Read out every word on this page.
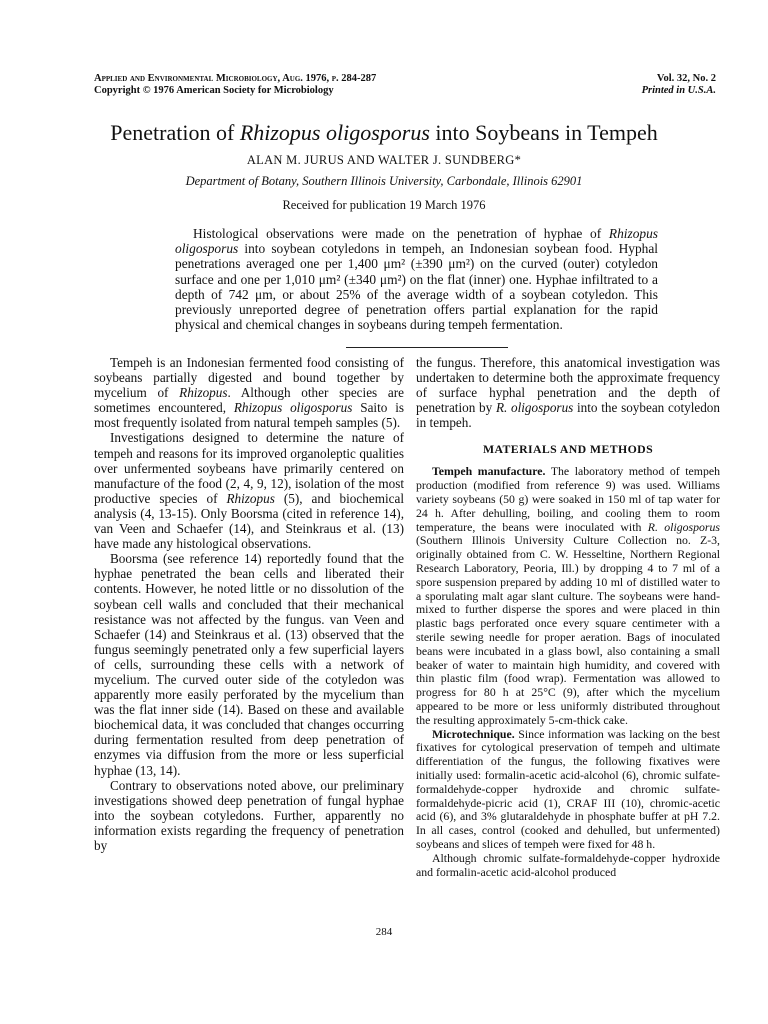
Applied and Environmental Microbiology, Aug. 1976, p. 284-287
Copyright © 1976 American Society for Microbiology
Vol. 32, No. 2
Printed in U.S.A.
Penetration of Rhizopus oligosporus into Soybeans in Tempeh
ALAN M. JURUS AND WALTER J. SUNDBERG*
Department of Botany, Southern Illinois University, Carbondale, Illinois 62901
Received for publication 19 March 1976

Histological observations were made on the penetration of hyphae of Rhizopus oligosporus into soybean cotyledons in tempeh, an Indonesian soybean food. Hyphal penetrations averaged one per 1,400 μm² (±390 μm²) on the curved (outer) cotyledon surface and one per 1,010 μm² (±340 μm²) on the flat (inner) one. Hyphae infiltrated to a depth of 742 μm, or about 25% of the average width of a soybean cotyledon. This previously unreported degree of penetration offers partial explanation for the rapid physical and chemical changes in soybeans during tempeh fermentation.

Tempeh is an Indonesian fermented food consisting of soybeans partially digested and bound together by mycelium of Rhizopus. Although other species are sometimes encountered, Rhizopus oligosporus Saito is most frequently isolated from natural tempeh samples (5).

Investigations designed to determine the nature of tempeh and reasons for its improved organoleptic qualities over unfermented soybeans have primarily centered on manufacture of the food (2, 4, 9, 12), isolation of the most productive species of Rhizopus (5), and biochemical analysis (4, 13-15). Only Boorsma (cited in reference 14), van Veen and Schaefer (14), and Steinkraus et al. (13) have made any histological observations.

Boorsma (see reference 14) reportedly found that the hyphae penetrated the bean cells and liberated their contents. However, he noted little or no dissolution of the soybean cell walls and concluded that their mechanical resistance was not affected by the fungus. van Veen and Schaefer (14) and Steinkraus et al. (13) observed that the fungus seemingly penetrated only a few superficial layers of cells, surrounding these cells with a network of mycelium. The curved outer side of the cotyledon was apparently more easily perforated by the mycelium than was the flat inner side (14). Based on these and available biochemical data, it was concluded that changes occurring during fermentation resulted from deep penetration of enzymes via diffusion from the more or less superficial hyphae (13, 14).

Contrary to observations noted above, our preliminary investigations showed deep penetration of fungal hyphae into the soybean cotyledons. Further, apparently no information exists regarding the frequency of penetration by

the fungus. Therefore, this anatomical investigation was undertaken to determine both the approximate frequency of surface hyphal penetration and the depth of penetration by R. oligosporus into the soybean cotyledon in tempeh.

MATERIALS AND METHODS

Tempeh manufacture. The laboratory method of tempeh production (modified from reference 9) was used. Williams variety soybeans (50 g) were soaked in 150 ml of tap water for 24 h. After dehulling, boiling, and cooling them to room temperature, the beans were inoculated with R. oligosporus (Southern Illinois University Culture Collection no. Z-3, originally obtained from C. W. Hesseltine, Northern Regional Research Laboratory, Peoria, Ill.) by dropping 4 to 7 ml of a spore suspension prepared by adding 10 ml of distilled water to a sporulating malt agar slant culture. The soybeans were hand-mixed to further disperse the spores and were placed in thin plastic bags perforated once every square centimeter with a sterile sewing needle for proper aeration. Bags of inoculated beans were incubated in a glass bowl, also containing a small beaker of water to maintain high humidity, and covered with thin plastic film (food wrap). Fermentation was allowed to progress for 80 h at 25°C (9), after which the mycelium appeared to be more or less uniformly distributed throughout the resulting approximately 5-cm-thick cake.

Microtechnique. Since information was lacking on the best fixatives for cytological preservation of tempeh and ultimate differentiation of the fungus, the following fixatives were initially used: formalin-acetic acid-alcohol (6), chromic sulfate-formaldehyde-copper hydroxide and chromic sulfate-formaldehyde-picric acid (1), CRAF III (10), chromic-acetic acid (6), and 3% glutaraldehyde in phosphate buffer at pH 7.2. In all cases, control (cooked and dehulled, but unfermented) soybeans and slices of tempeh were fixed for 48 h.

Although chromic sulfate-formaldehyde-copper hydroxide and formalin-acetic acid-alcohol produced

284
